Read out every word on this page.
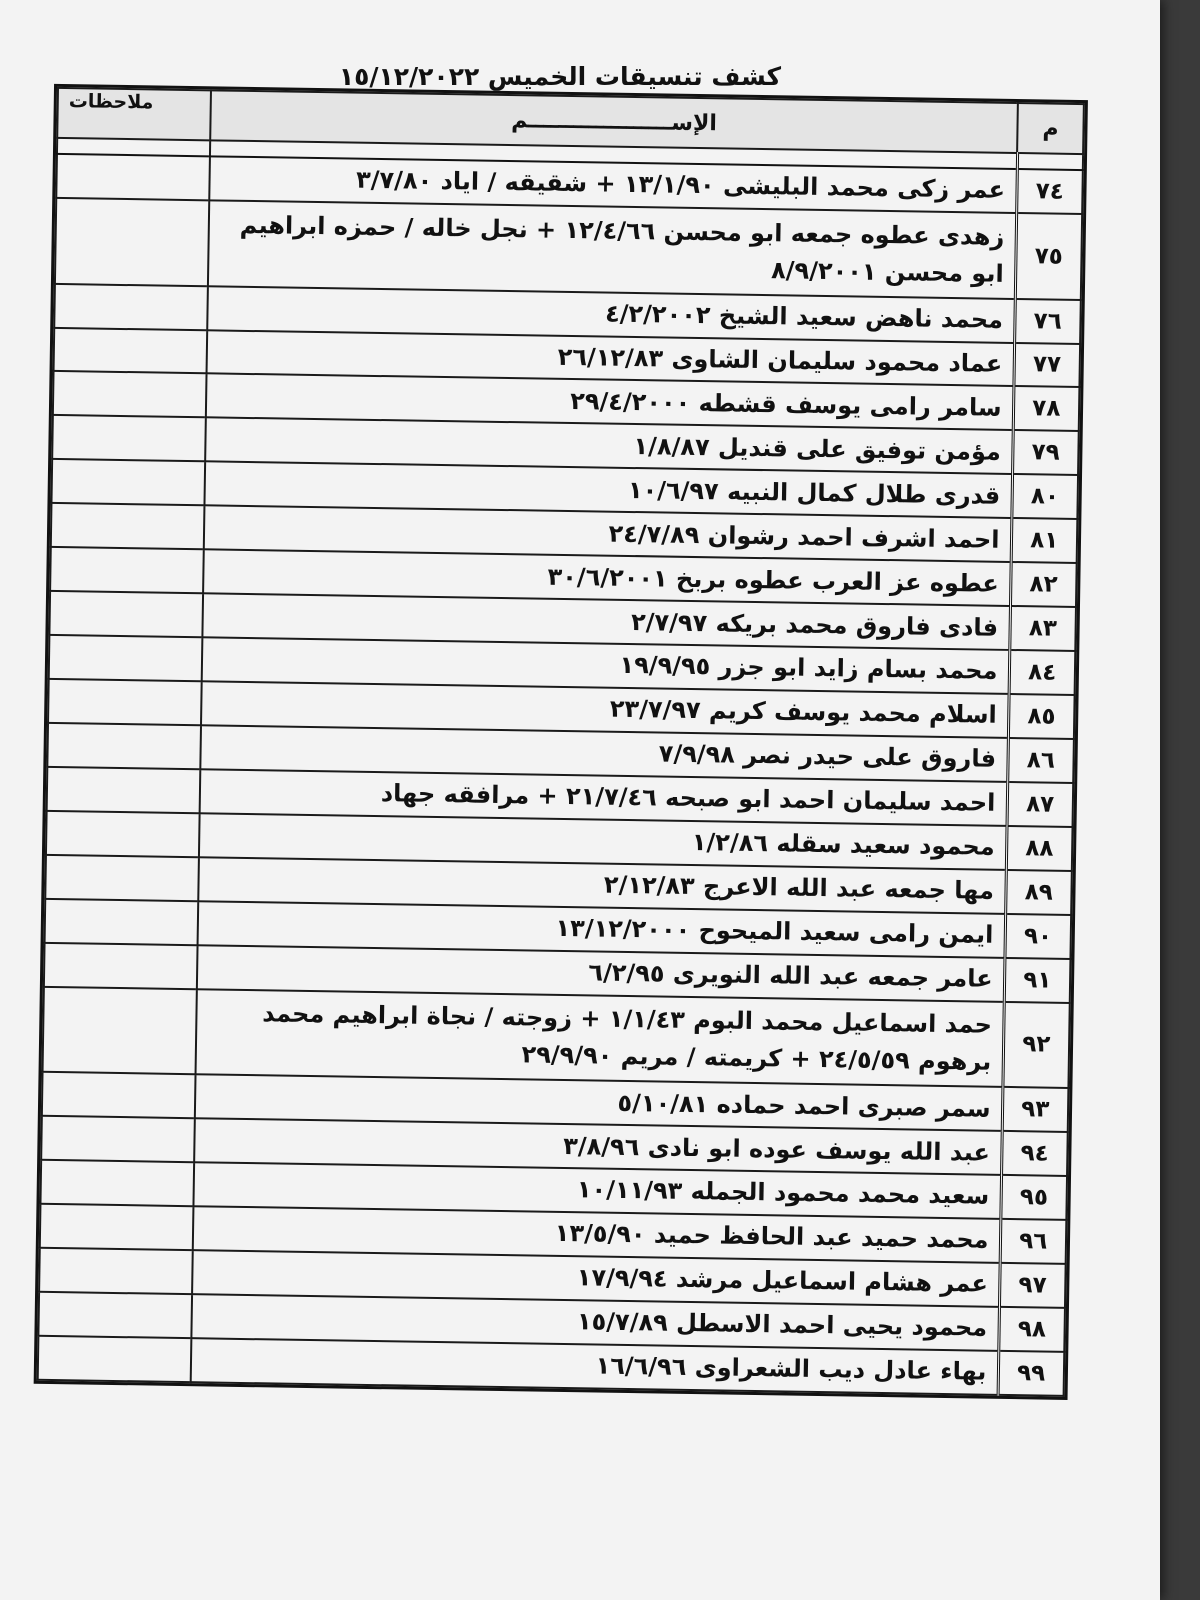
كشف تنسيقات الخميس ١٥/١٢/٢٠٢٢
م	الإســـــــــــــــــــم	ملاحظات

٧٤	عمر زكى محمد البليشى ١٣/١/٩٠ + شقيقه / اياد ٣/٧/٨٠	
٧٥	زهدى عطوه جمعه ابو محسن ١٢/٤/٦٦ + نجل خاله / حمزه ابراهيم ابو محسن ٨/٩/٢٠٠١	
٧٦	محمد ناهض سعيد الشيخ ٤/٢/٢٠٠٢	
٧٧	عماد محمود سليمان الشاوى ٢٦/١٢/٨٣	
٧٨	سامر رامى يوسف قشطه ٢٩/٤/٢٠٠٠	
٧٩	مؤمن توفيق على قنديل ١/٨/٨٧	
٨٠	قدرى طلال كمال النبيه ١٠/٦/٩٧	
٨١	احمد اشرف احمد رشوان ٢٤/٧/٨٩	
٨٢	عطوه عز العرب عطوه بربخ ٣٠/٦/٢٠٠١	
٨٣	فادى فاروق محمد بريكه ٢/٧/٩٧	
٨٤	محمد بسام زايد ابو جزر ١٩/٩/٩٥	
٨٥	اسلام محمد يوسف كريم ٢٣/٧/٩٧	
٨٦	فاروق على حيدر نصر ٧/٩/٩٨	
٨٧	احمد سليمان احمد ابو صبحه ٢١/٧/٤٦ + مرافقه جهاد	
٨٨	محمود سعيد سقله ١/٢/٨٦	
٨٩	مها جمعه عبد الله الاعرج ٢/١٢/٨٣	
٩٠	ايمن رامى سعيد الميحوح ١٣/١٢/٢٠٠٠	
٩١	عامر جمعه عبد الله النويرى ٦/٢/٩٥	
٩٢	حمد اسماعيل محمد البوم ١/١/٤٣ + زوجته / نجاة ابراهيم محمد برهوم ٢٤/٥/٥٩ + كريمته / مريم ٢٩/٩/٩٠	
٩٣	سمر صبرى احمد حماده ٥/١٠/٨١	
٩٤	عبد الله يوسف عوده ابو نادى ٣/٨/٩٦	
٩٥	سعيد محمد محمود الجمله ١٠/١١/٩٣	
٩٦	محمد حميد عبد الحافظ حميد ١٣/٥/٩٠	
٩٧	عمر هشام اسماعيل مرشد ١٧/٩/٩٤	
٩٨	محمود يحيى احمد الاسطل ١٥/٧/٨٩	
٩٩	بهاء عادل ديب الشعراوى ١٦/٦/٩٦	
